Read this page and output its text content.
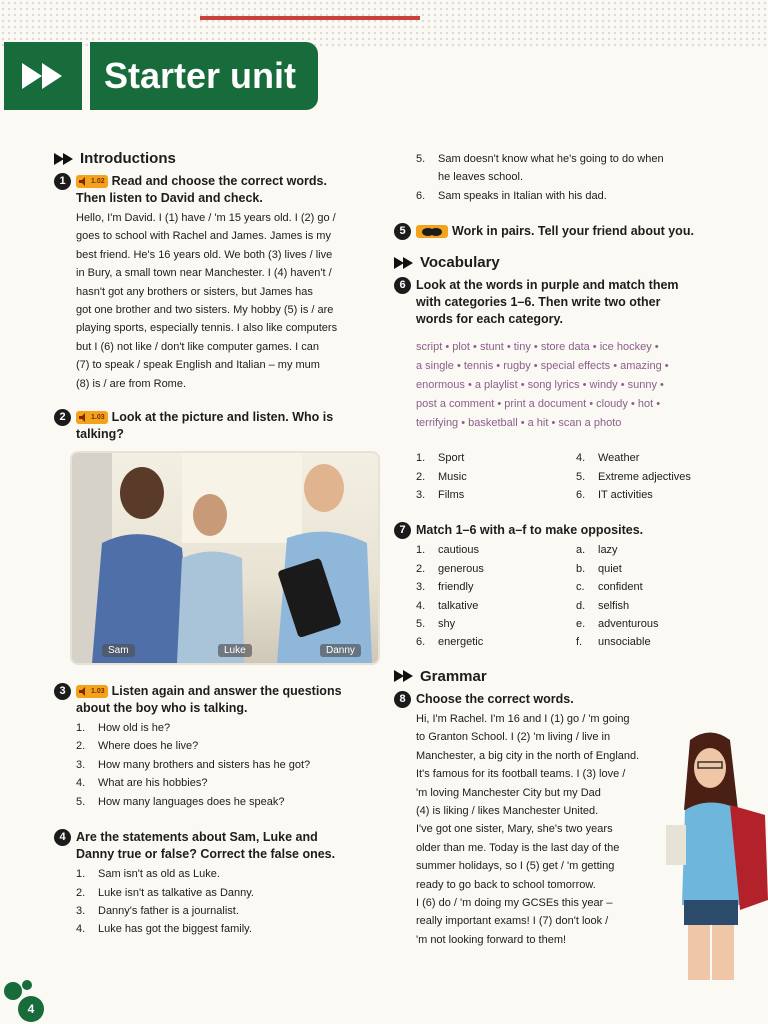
Starter unit
Introductions
1	1.02 Read and choose the correct words.
Then listen to David and check.
Hello, I'm David. I (1) have / 'm 15 years old. I (2) go /
goes to school with Rachel and James. James is my
best friend. He's 16 years old. We both (3) lives / live
in Bury, a small town near Manchester. I (4) haven't /
hasn't got any brothers or sisters, but James has
got one brother and two sisters. My hobby (5) is / are
playing sports, especially tennis. I also like computers
but I (6) not like / don't like computer games. I can
(7) to speak / speak English and Italian – my mum
(8) is / are from Rome.
2	1.03 Look at the picture and listen. Who is
talking?
Sam	Luke	Danny
3	1.03 Listen again and answer the questions
about the boy who is talking.
1. How old is he?
2. Where does he live?
3. How many brothers and sisters has he got?
4. What are his hobbies?
5. How many languages does he speak?
4 Are the statements about Sam, Luke and
Danny true or false? Correct the false ones.
1. Sam isn't as old as Luke.
2. Luke isn't as talkative as Danny.
3. Danny's father is a journalist.
4. Luke has got the biggest family.
5. Sam doesn't know what he's going to do when
he leaves school.
6. Sam speaks in Italian with his dad.
5	Work in pairs. Tell your friend about you.
Vocabulary
6 Look at the words in purple and match them
with categories 1–6. Then write two other
words for each category.
script • plot • stunt • tiny • store data • ice hockey •
a single • tennis • rugby • special effects • amazing •
enormous • a playlist • song lyrics • windy • sunny •
post a comment • print a document • cloudy • hot •
terrifying • basketball • a hit • scan a photo
1. Sport	4. Weather
2. Music	5. Extreme adjectives
3. Films	6. IT activities
7 Match 1–6 with a–f to make opposites.
1. cautious	a. lazy
2. generous	b. quiet
3. friendly	c. confident
4. talkative	d. selfish
5. shy	e. adventurous
6. energetic	f. unsociable
Grammar
8 Choose the correct words.
Hi, I'm Rachel. I'm 16 and I (1) go / 'm going
to Granton School. I (2) 'm living / live in
Manchester, a big city in the north of England.
It's famous for its football teams. I (3) love /
'm loving Manchester City but my Dad
(4) is liking / likes Manchester United.
I've got one sister, Mary, she's two years
older than me. Today is the last day of the
summer holidays, so I (5) get / 'm getting
ready to go back to school tomorrow.
I (6) do / 'm doing my GCSEs this year –
really important exams! I (7) don't look /
'm not looking forward to them!
4
